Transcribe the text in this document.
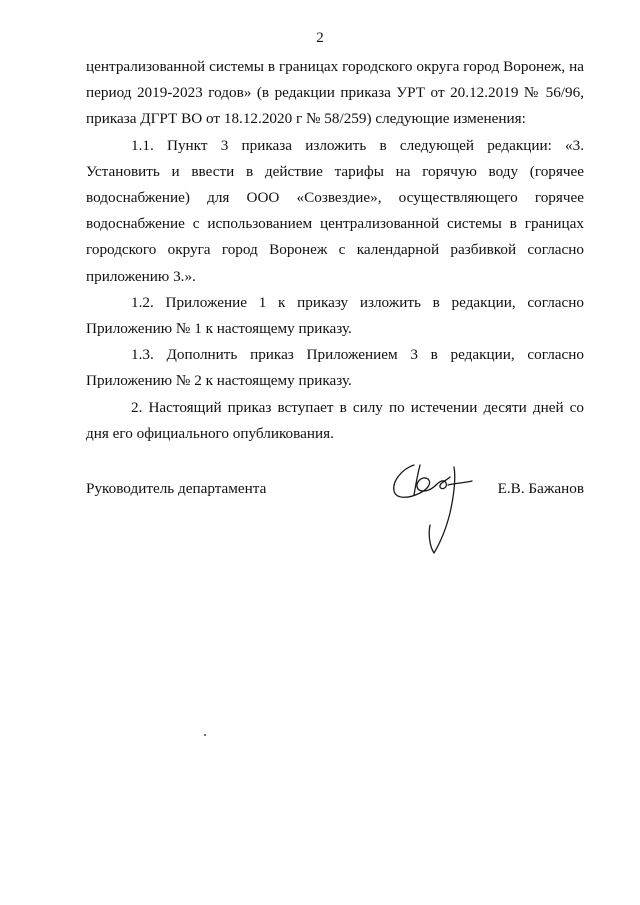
2

централизованной системы в границах городского округа город Воронеж, на период 2019-2023 годов» (в редакции приказа УРТ от 20.12.2019 № 56/96, приказа ДГРТ ВО от 18.12.2020 г № 58/259) следующие изменения:

1.1. Пункт 3 приказа изложить в следующей редакции: «3. Установить и ввести в действие тарифы на горячую воду (горячее водоснабжение) для ООО «Созвездие», осуществляющего горячее водоснабжение с использованием централизованной системы в границах городского округа город Воронеж с календарной разбивкой согласно приложению 3.».

1.2. Приложение 1 к приказу изложить в редакции, согласно Приложению № 1 к настоящему приказу.

1.3. Дополнить приказ Приложением 3 в редакции, согласно Приложению № 2 к настоящему приказу.

2. Настоящий приказ вступает в силу по истечении десяти дней со дня его официального опубликования.

Руководитель департамента	Е.В. Бажанов
